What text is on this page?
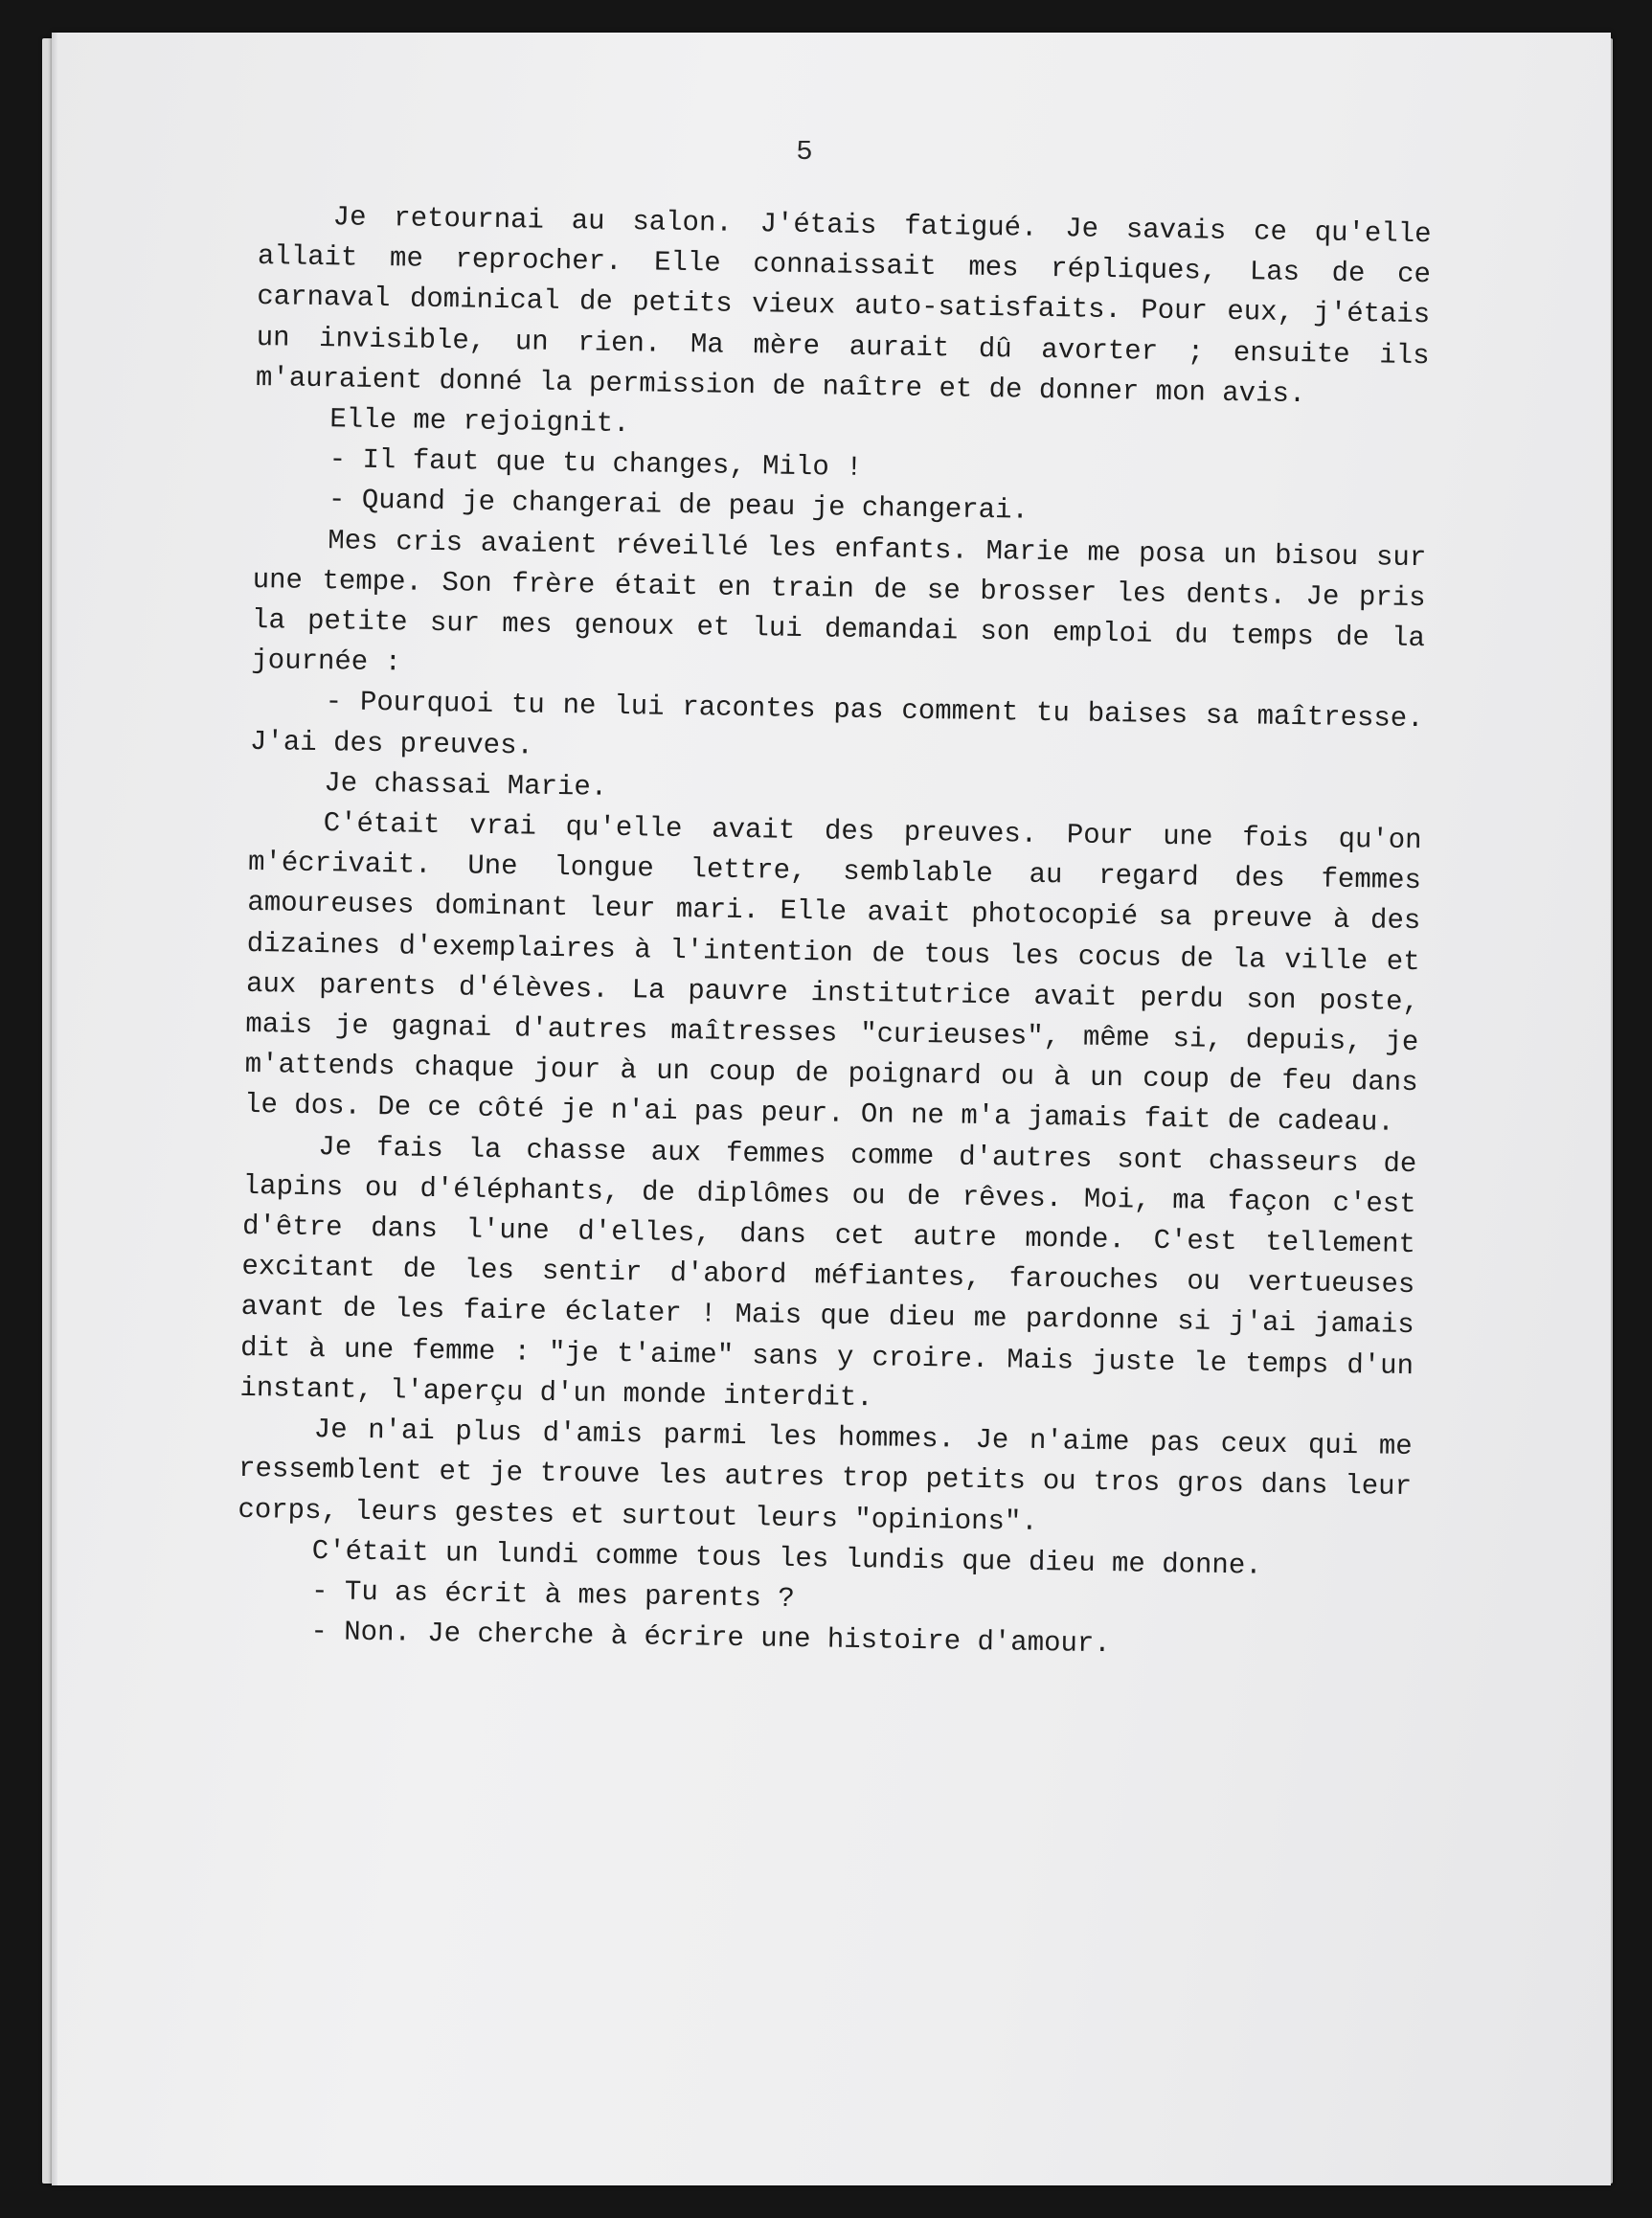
5

Je retournai au salon. J'étais fatigué. Je savais ce qu'elle allait me reprocher. Elle connaissait mes répliques, Las de ce carnaval dominical de petits vieux auto-satisfaits. Pour eux, j'étais un invisible, un rien. Ma mère aurait dû avorter ; ensuite ils m'auraient donné la permission de naître et de donner mon avis.

Elle me rejoignit.

- Il faut que tu changes, Milo !

- Quand je changerai de peau je changerai.

Mes cris avaient réveillé les enfants. Marie me posa un bisou sur une tempe. Son frère était en train de se brosser les dents. Je pris la petite sur mes genoux et lui demandai son emploi du temps de la journée :

- Pourquoi tu ne lui racontes pas comment tu baises sa maîtresse. J'ai des preuves.

Je chassai Marie.

C'était vrai qu'elle avait des preuves. Pour une fois qu'on m'écrivait. Une longue lettre, semblable au regard des femmes amoureuses dominant leur mari. Elle avait photocopié sa preuve à des dizaines d'exemplaires à l'intention de tous les cocus de la ville et aux parents d'élèves. La pauvre institutrice avait perdu son poste, mais je gagnai d'autres maîtresses "curieuses", même si, depuis, je m'attends chaque jour à un coup de poignard ou à un coup de feu dans le dos. De ce côté je n'ai pas peur. On ne m'a jamais fait de cadeau.

Je fais la chasse aux femmes comme d'autres sont chasseurs de lapins ou d'éléphants, de diplômes ou de rêves. Moi, ma façon c'est d'être dans l'une d'elles, dans cet autre monde. C'est tellement excitant de les sentir d'abord méfiantes, farouches ou vertueuses avant de les faire éclater ! Mais que dieu me pardonne si j'ai jamais dit à une femme : "je t'aime" sans y croire. Mais juste le temps d'un instant, l'aperçu d'un monde interdit.

Je n'ai plus d'amis parmi les hommes. Je n'aime pas ceux qui me ressemblent et je trouve les autres trop petits ou tros gros dans leur corps, leurs gestes et surtout leurs "opinions".

C'était un lundi comme tous les lundis que dieu me donne.

- Tu as écrit à mes parents ?

- Non. Je cherche à écrire une histoire d'amour.
